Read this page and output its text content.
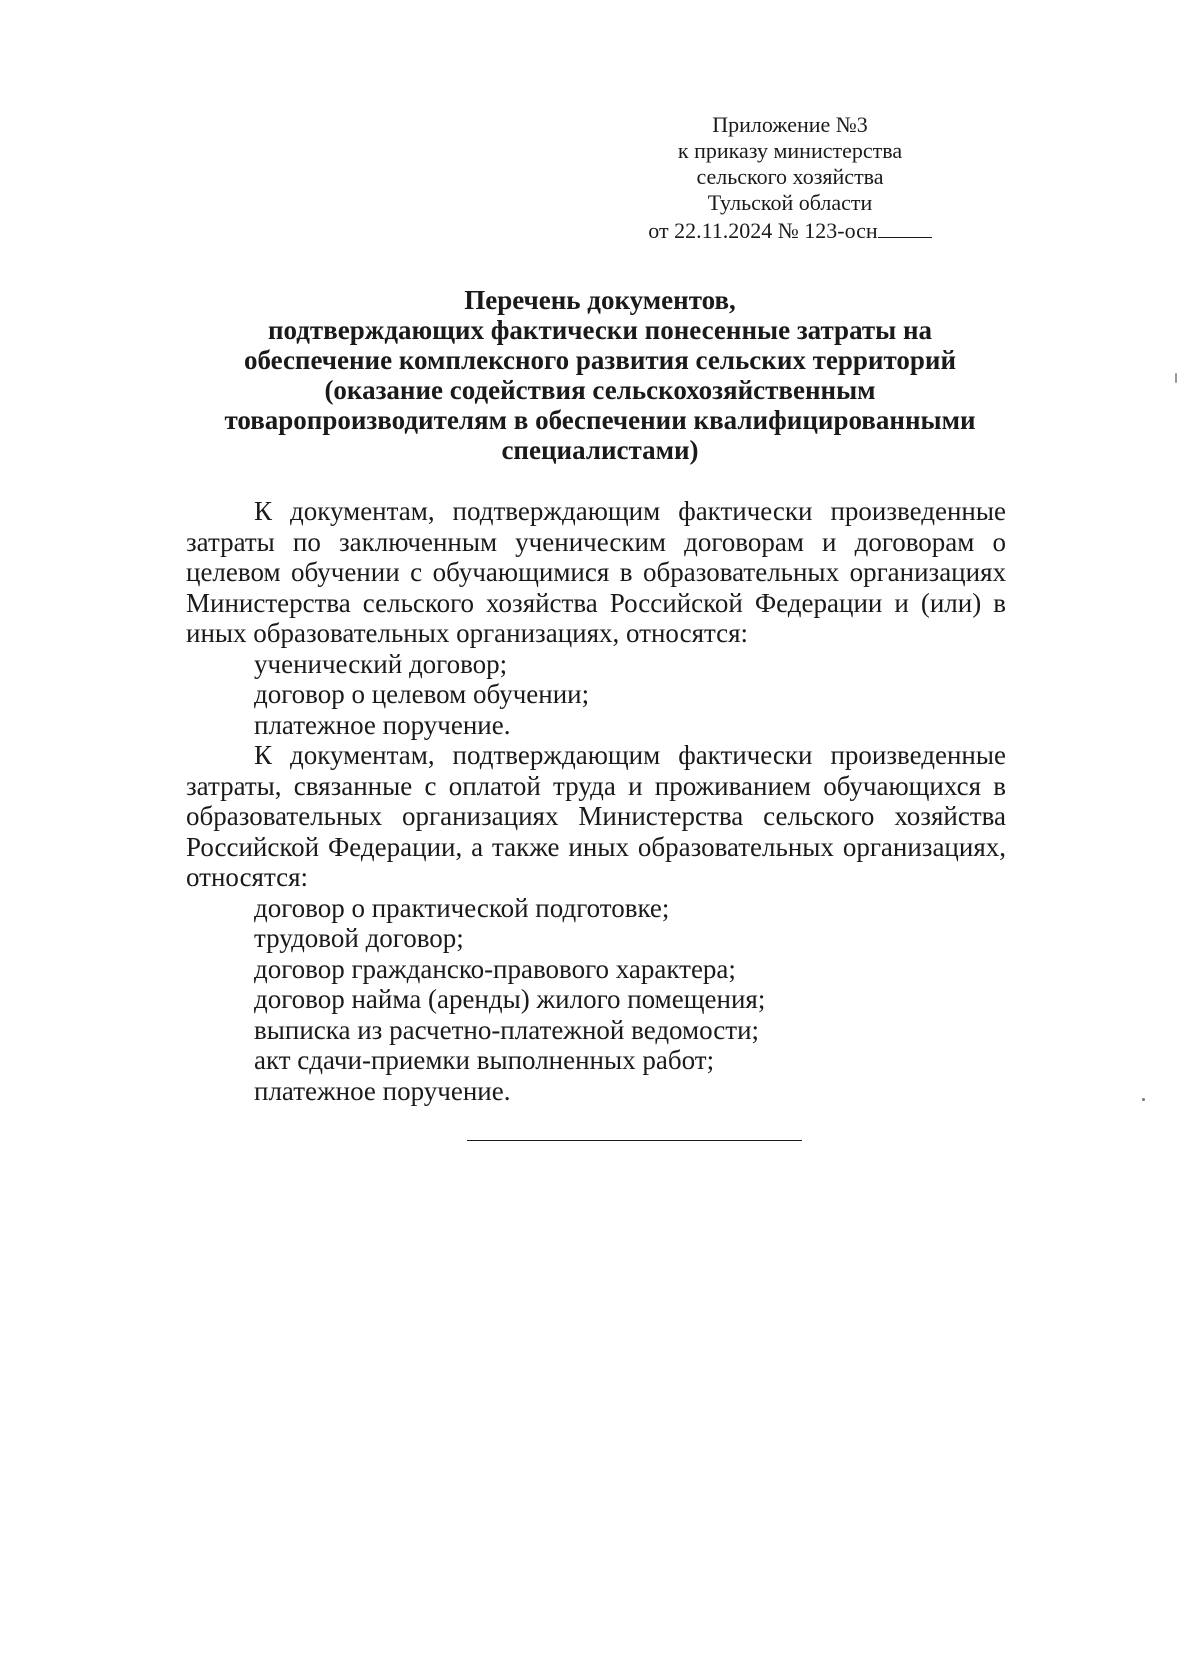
Приложение №3
к приказу министерства
сельского хозяйства
Тульской области
от 22.11.2024 № 123-осн
Перечень документов,
подтверждающих фактически понесенные затраты на
обеспечение комплексного развития сельских территорий
(оказание содействия сельскохозяйственным
товаропроизводителям в обеспечении квалифицированными
специалистами)

К документам, подтверждающим фактически произведенные затраты по заключенным ученическим договорам и договорам о целевом обучении с обучающимися в образовательных организациях Министерства сельского хозяйства Российской Федерации и (или) в иных образовательных организациях, относятся:

ученический договор;
договор о целевом обучении;
платежное поручение.

К документам, подтверждающим фактически произведенные затраты, связанные с оплатой труда и проживанием обучающихся в образовательных организациях Министерства сельского хозяйства Российской Федерации, а также иных образовательных организациях, относятся:

договор о практической подготовке;
трудовой договор;
договор гражданско-правового характера;
договор найма (аренды) жилого помещения;
выписка из расчетно-платежной ведомости;
акт сдачи-приемки выполненных работ;
платежное поручение.
